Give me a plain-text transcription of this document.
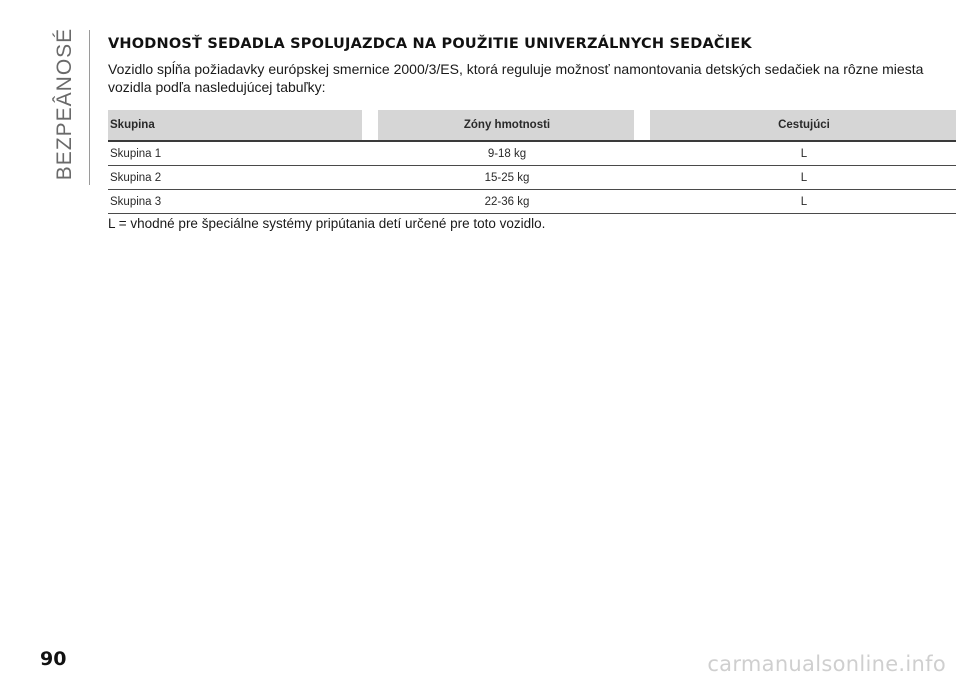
BEZPEÂNOSÉ VHODNOSŤ SEDADLA SPOLUJAZDCA NA POUŽITIE UNIVERZÁLNYCH SEDAČIEK

Vozidlo spĺňa požiadavky európskej smernice 2000/3/ES, ktorá reguluje možnosť namontovania detských sedačiek na rôzne miesta vozidla podľa nasledujúcej tabuľky:

Skupina		Zóny hmotnosti		Cestujúci
Skupina 1		9-18 kg		L
Skupina 2		15-25 kg		L
Skupina 3		22-36 kg		L

L = vhodné pre špeciálne systémy pripútania detí určené pre toto vozidlo.

90	carmanualsonline.info
